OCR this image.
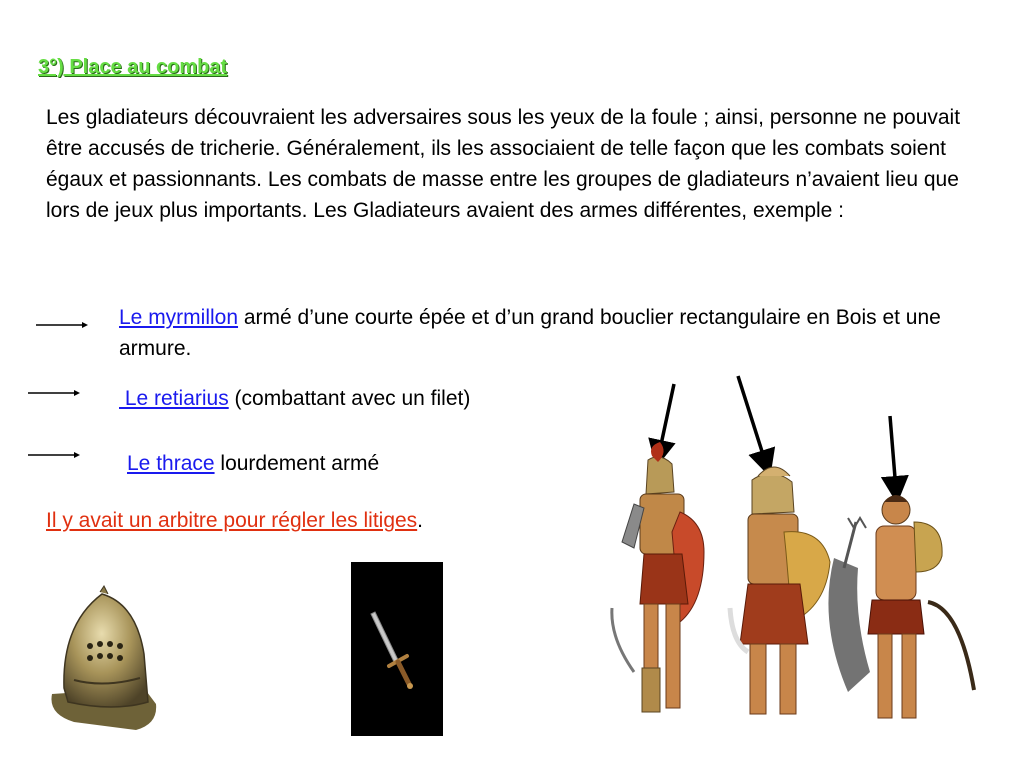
3°) Place au combat
Les gladiateurs découvraient les adversaires sous les yeux de la foule ; ainsi, personne ne pouvait être accusés de tricherie. Généralement, ils les associaient de telle façon que les combats soient égaux et passionnants. Les combats de masse entre les groupes de gladiateurs n’avaient lieu que lors de jeux plus importants. Les Gladiateurs avaient des armes différentes, exemple :
Le myrmillon armé d’une courte épée et d’un grand bouclier rectangulaire en Bois et une armure.
Le retiarius (combattant avec un filet)
Le thrace lourdement armé
Il y avait un arbitre pour régler les litiges.
